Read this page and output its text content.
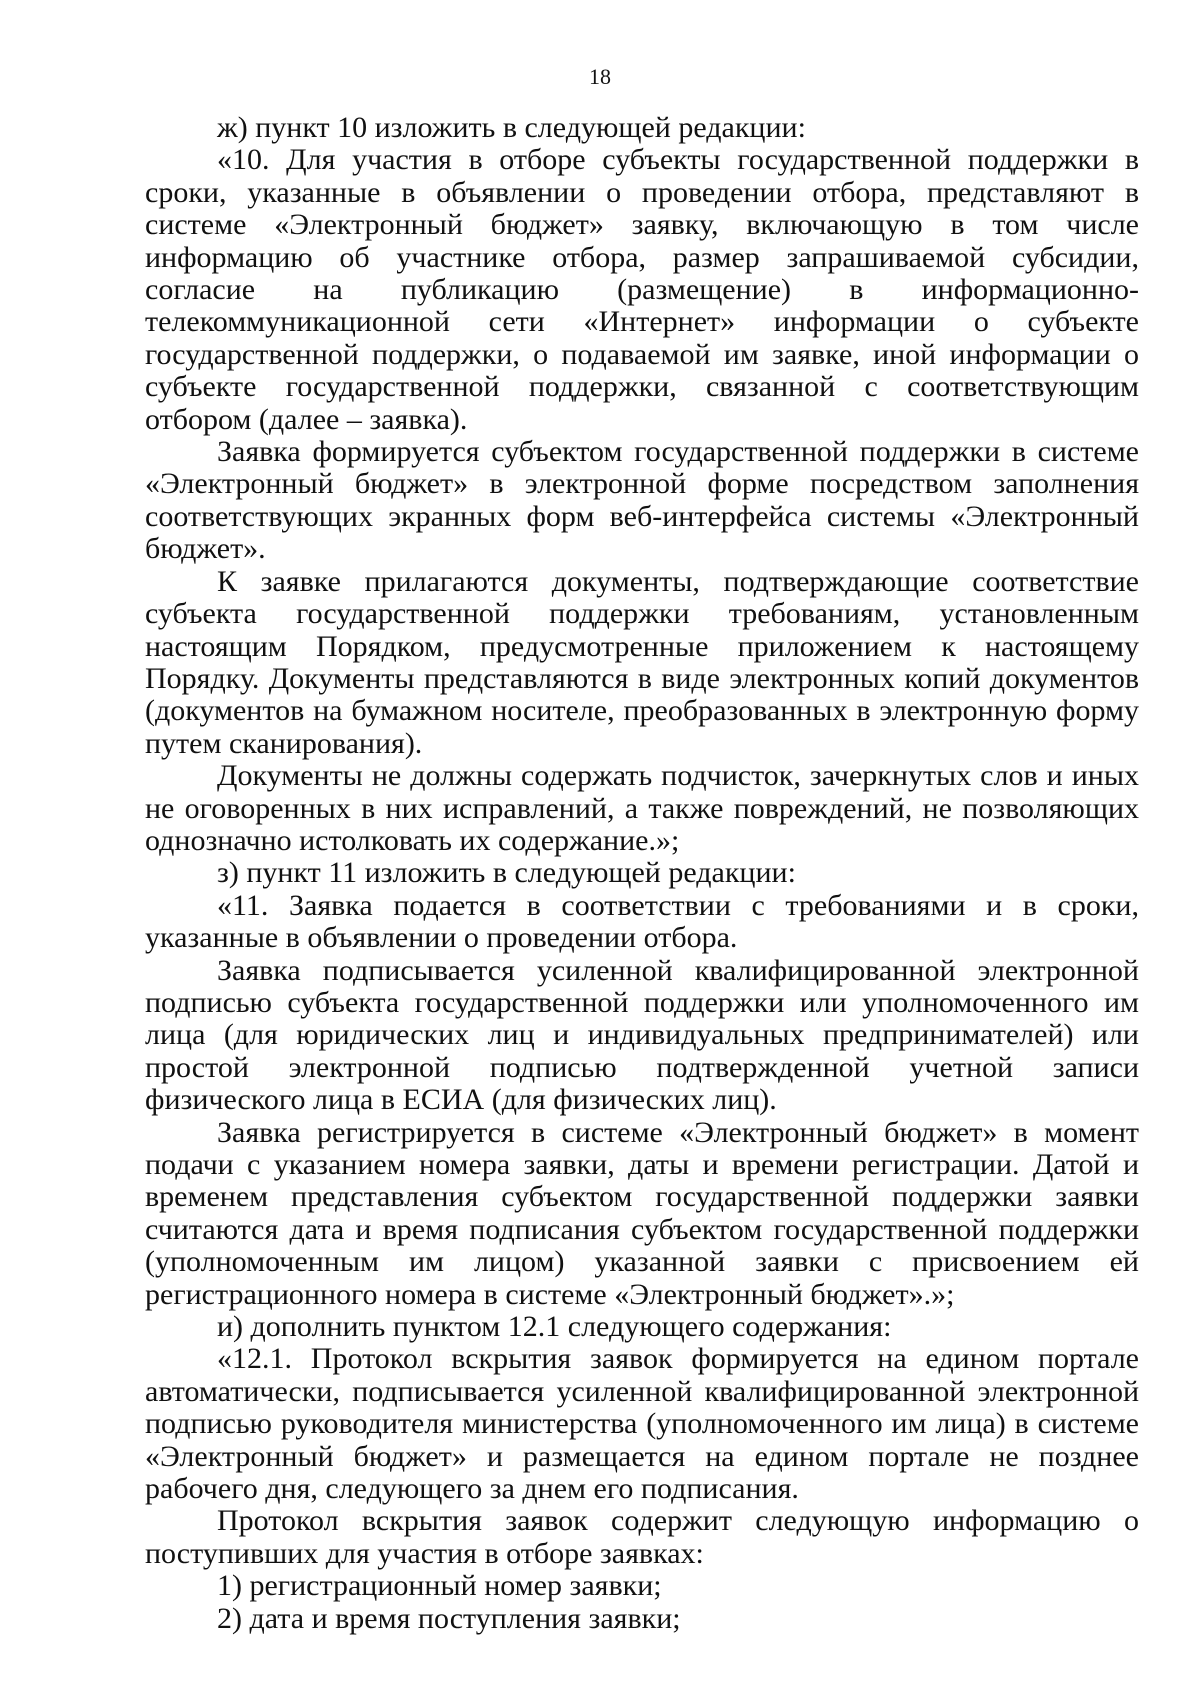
18

ж) пункт 10 изложить в следующей редакции:

«10. Для участия в отборе субъекты государственной поддержки в сроки, указанные в объявлении о проведении отбора, представляют в системе «Электронный бюджет» заявку, включающую в том числе информацию об участнике отбора, размер запрашиваемой субсидии, согласие на публикацию (размещение) в информационно-телекоммуникационной сети «Интернет» информации о субъекте государственной поддержки, о подаваемой им заявке, иной информации о субъекте государственной поддержки, связанной с соответствующим отбором (далее – заявка).

Заявка формируется субъектом государственной поддержки в системе «Электронный бюджет» в электронной форме посредством заполнения соответствующих экранных форм веб-интерфейса системы «Электронный бюджет».

К заявке прилагаются документы, подтверждающие соответствие субъекта государственной поддержки требованиям, установленным настоящим Порядком, предусмотренные приложением к настоящему Порядку. Документы представляются в виде электронных копий документов (документов на бумажном носителе, преобразованных в электронную форму путем сканирования).

Документы не должны содержать подчисток, зачеркнутых слов и иных не оговоренных в них исправлений, а также повреждений, не позволяющих однозначно истолковать их содержание.»;

з) пункт 11 изложить в следующей редакции:

«11. Заявка подается в соответствии с требованиями и в сроки, указанные в объявлении о проведении отбора.

Заявка подписывается усиленной квалифицированной электронной подписью субъекта государственной поддержки или уполномоченного им лица (для юридических лиц и индивидуальных предпринимателей) или простой электронной подписью подтвержденной учетной записи физического лица в ЕСИА (для физических лиц).

Заявка регистрируется в системе «Электронный бюджет» в момент подачи с указанием номера заявки, даты и времени регистрации. Датой и временем представления субъектом государственной поддержки заявки считаются дата и время подписания субъектом государственной поддержки (уполномоченным им лицом) указанной заявки с присвоением ей регистрационного номера в системе «Электронный бюджет».»;

и) дополнить пунктом 12.1 следующего содержания:

«12.1. Протокол вскрытия заявок формируется на едином портале автоматически, подписывается усиленной квалифицированной электронной подписью руководителя министерства (уполномоченного им лица) в системе «Электронный бюджет» и размещается на едином портале не позднее рабочего дня, следующего за днем его подписания.

Протокол вскрытия заявок содержит следующую информацию о поступивших для участия в отборе заявках:

1) регистрационный номер заявки;

2) дата и время поступления заявки;
